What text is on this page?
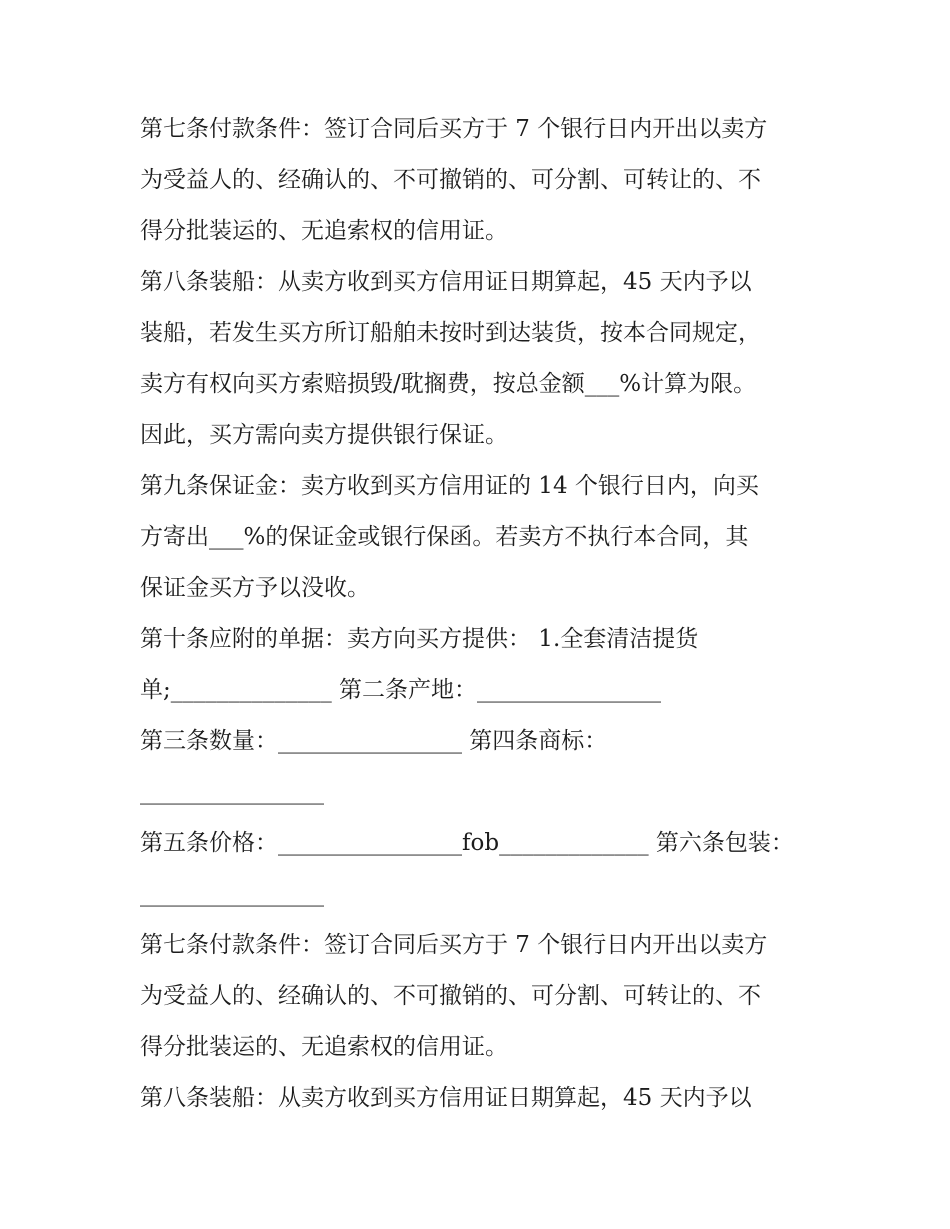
第七条付款条件：签订合同后买方于 7 个银行日内开出以卖方
为受益人的、经确认的、不可撤销的、可分割、可转让的、不
得分批装运的、无追索权的信用证。
第八条装船：从卖方收到买方信用证日期算起，45 天内予以
装船，若发生买方所订船舶未按时到达装货，按本合同规定，
卖方有权向买方索赔损毁/耽搁费，按总金额___%计算为限。
因此，买方需向卖方提供银行保证。
第九条保证金：卖方收到买方信用证的 14 个银行日内，向买
方寄出___%的保证金或银行保函。若卖方不执行本合同，其
保证金买方予以没收。
第十条应附的单据：卖方向买方提供： 1.全套清洁提货
单;______________ 第二条产地：________________
第三条数量：________________ 第四条商标：
________________
第五条价格：________________fob_____________ 第六条包装：
________________
第七条付款条件：签订合同后买方于 7 个银行日内开出以卖方
为受益人的、经确认的、不可撤销的、可分割、可转让的、不
得分批装运的、无追索权的信用证。
第八条装船：从卖方收到买方信用证日期算起，45 天内予以
